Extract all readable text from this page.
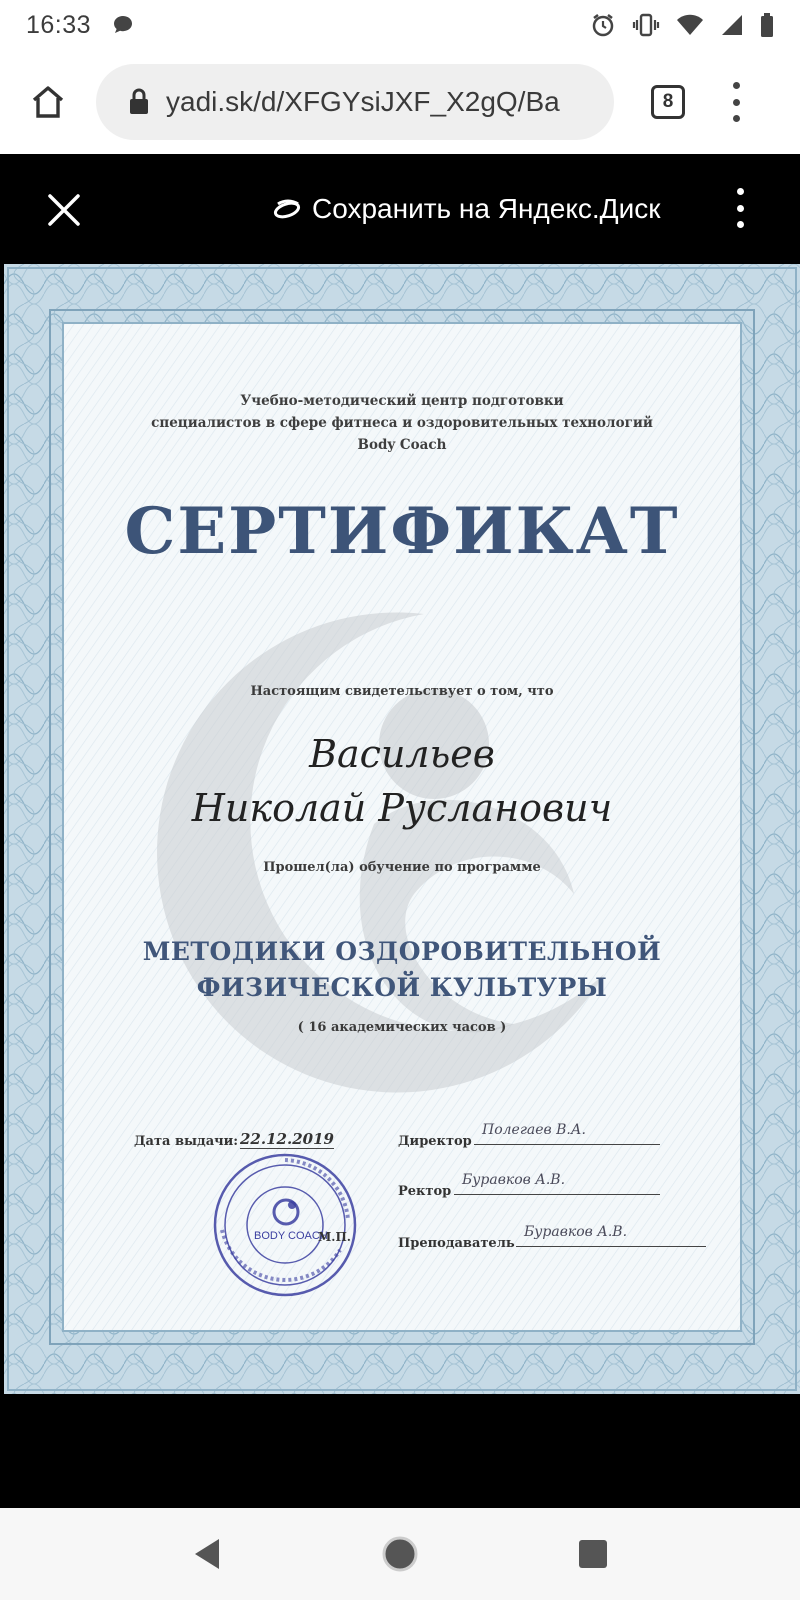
16:33
yadi.sk/d/XFGYsiJXF_X2gQ/Ba	8
Сохранить на Яндекс.Диск
Учебно-методический центр подготовки
специалистов в сфере фитнеса и оздоровительных технологий
Body Coach
СЕРТИФИКАТ
Настоящим свидетельствует о том, что
Васильев
Николай Русланович
Прошел(ла) обучение по программе
МЕТОДИКИ ОЗДОРОВИТЕЛЬНОЙ
ФИЗИЧЕСКОЙ КУЛЬТУРЫ
( 16 академических часов )
Дата выдачи: 22.12.2019	Директор
Полегаев В.А.
Ректор
Буравков А.В.
Преподаватель
Буравков А.В.
BODY COACH
М.П.
